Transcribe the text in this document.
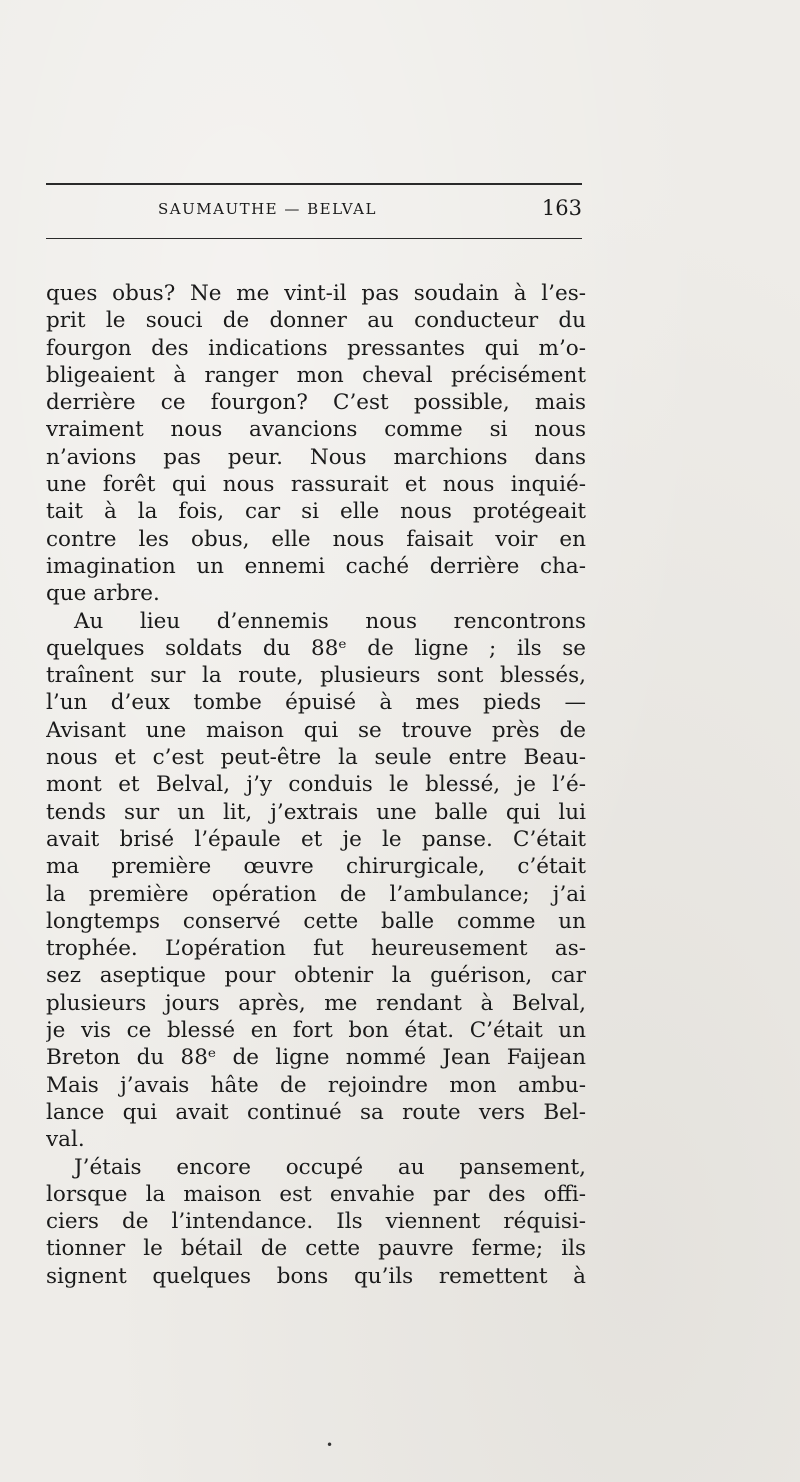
SAUMAUTHE — BELVAL	163
ques obus? Ne me vint-il pas soudain à l’es-
prit le souci de donner au conducteur du
fourgon des indications pressantes qui m’o-
bligeaient à ranger mon cheval précisément
derrière ce fourgon? C’est possible, mais
vraiment nous avancions comme si nous
n’avions pas peur. Nous marchions dans
une forêt qui nous rassurait et nous inquié-
tait à la fois, car si elle nous protégeait
contre les obus, elle nous faisait voir en
imagination un ennemi caché derrière cha-
que arbre.
Au lieu d’ennemis nous rencontrons
quelques soldats du 88ᵉ de ligne ; ils se
traînent sur la route, plusieurs sont blessés,
l’un d’eux tombe épuisé à mes pieds —
Avisant une maison qui se trouve près de
nous et c’est peut-être la seule entre Beau-
mont et Belval, j’y conduis le blessé, je l’é-
tends sur un lit, j’extrais une balle qui lui
avait brisé l’épaule et je le panse. C’était
ma première œuvre chirurgicale, c’était
la première opération de l’ambulance; j’ai
longtemps conservé cette balle comme un
trophée. L’opération fut heureusement as-
sez aseptique pour obtenir la guérison, car
plusieurs jours après, me rendant à Belval,
je vis ce blessé en fort bon état. C’était un
Breton du 88ᵉ de ligne nommé Jean Faijean
Mais j’avais hâte de rejoindre mon ambu-
lance qui avait continué sa route vers Bel-
val.
J’étais encore occupé au pansement,
lorsque la maison est envahie par des offi-
ciers de l’intendance. Ils viennent réquisi-
tionner le bétail de cette pauvre ferme; ils
signent quelques bons qu’ils remettent à
•
